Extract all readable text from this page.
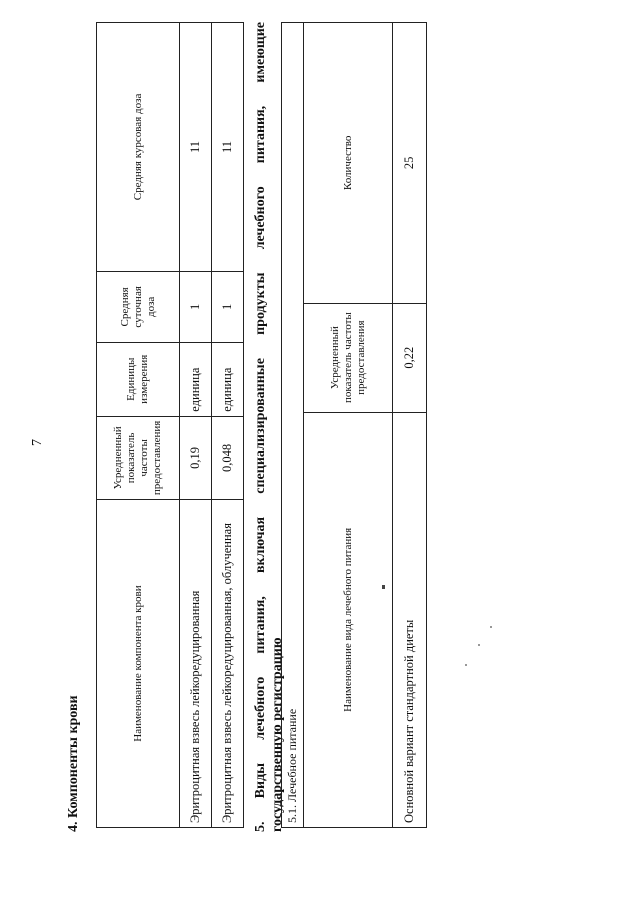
7
4. Компоненты крови
Наименование компонента крови	Усредненный показатель частоты предоставления	Единицы измерения	Средняя суточная доза	Средняя курсовая доза
Эритроцитная взвесь лейкоредуцированная	0,19	единица	1	11
Эритроцитная взвесь лейкоредуцированная, облученная	0,048	единица	1	11
5.
Виды
лечебного
питания,
включая
специализированные
продукты
лечебного
питания,
имеющие
государственную регистрацию 5.1. Лечебное питание		
Наименование вида лечебного питания	Усредненный показатель частоты предоставления	Количество
Основной вариант стандартной диеты	0,22	25
